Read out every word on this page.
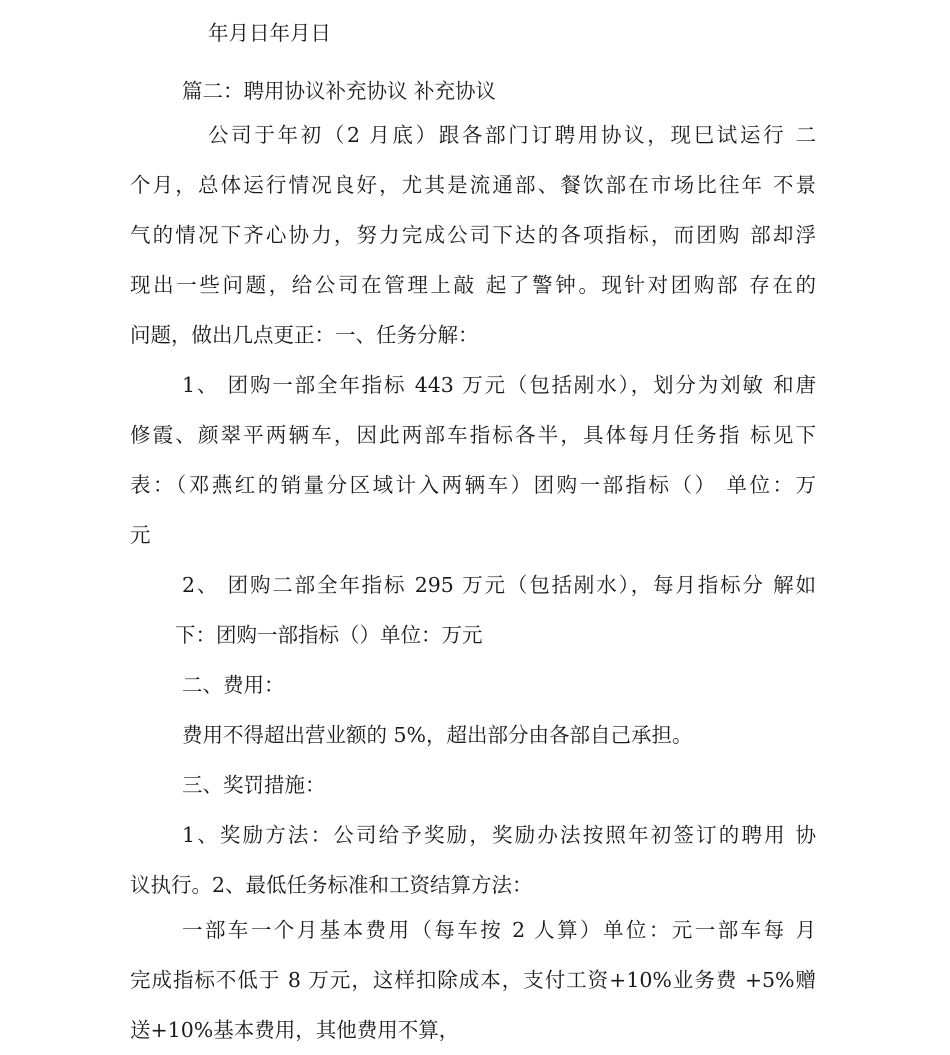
年月日年月日
篇二：聘用协议补充协议 补充协议
公司于年初（2 月底）跟各部门订聘用协议，现巳试运行 二
个月，总体运行情况良好，尤其是流通部、餐饮部在市场比往年 不景
气的情况下齐心协力，努力完成公司下达的各项指标，而团购 部却浮
现出一些问题，给公司在管理上敲 起了警钟。现针对团购部 存在的
问题，做出几点更正：一、任务分解：
1、 团购一部全年指标 443 万元（包括剐水），划分为刘敏 和唐
修霞、颜翠平两辆车，因此两部车指标各半，具体每月任务指 标见下
表：（邓燕红的销量分区域计入两辆车）团购一部指标（） 单位：万
元
2、 团购二部全年指标 295 万元（包括剐水），每月指标分 解如
下：团购一部指标（）单位：万元
二、费用：
费用不得超出营业额的 5%，超出部分由各部自己承担。
三、奖罚措施：
1、奖励方法：公司给予奖励，奖励办法按照年初签订的聘用 协
议执行。2、最低任务标准和工资结算方法：
一部车一个月基本费用（每车按 2 人算）单位：元一部车每 月
完成指标不低于 8 万元，这样扣除成本，支付工资+10%业务费 +5%赠
送+10%基本费用，其他费用不算，
